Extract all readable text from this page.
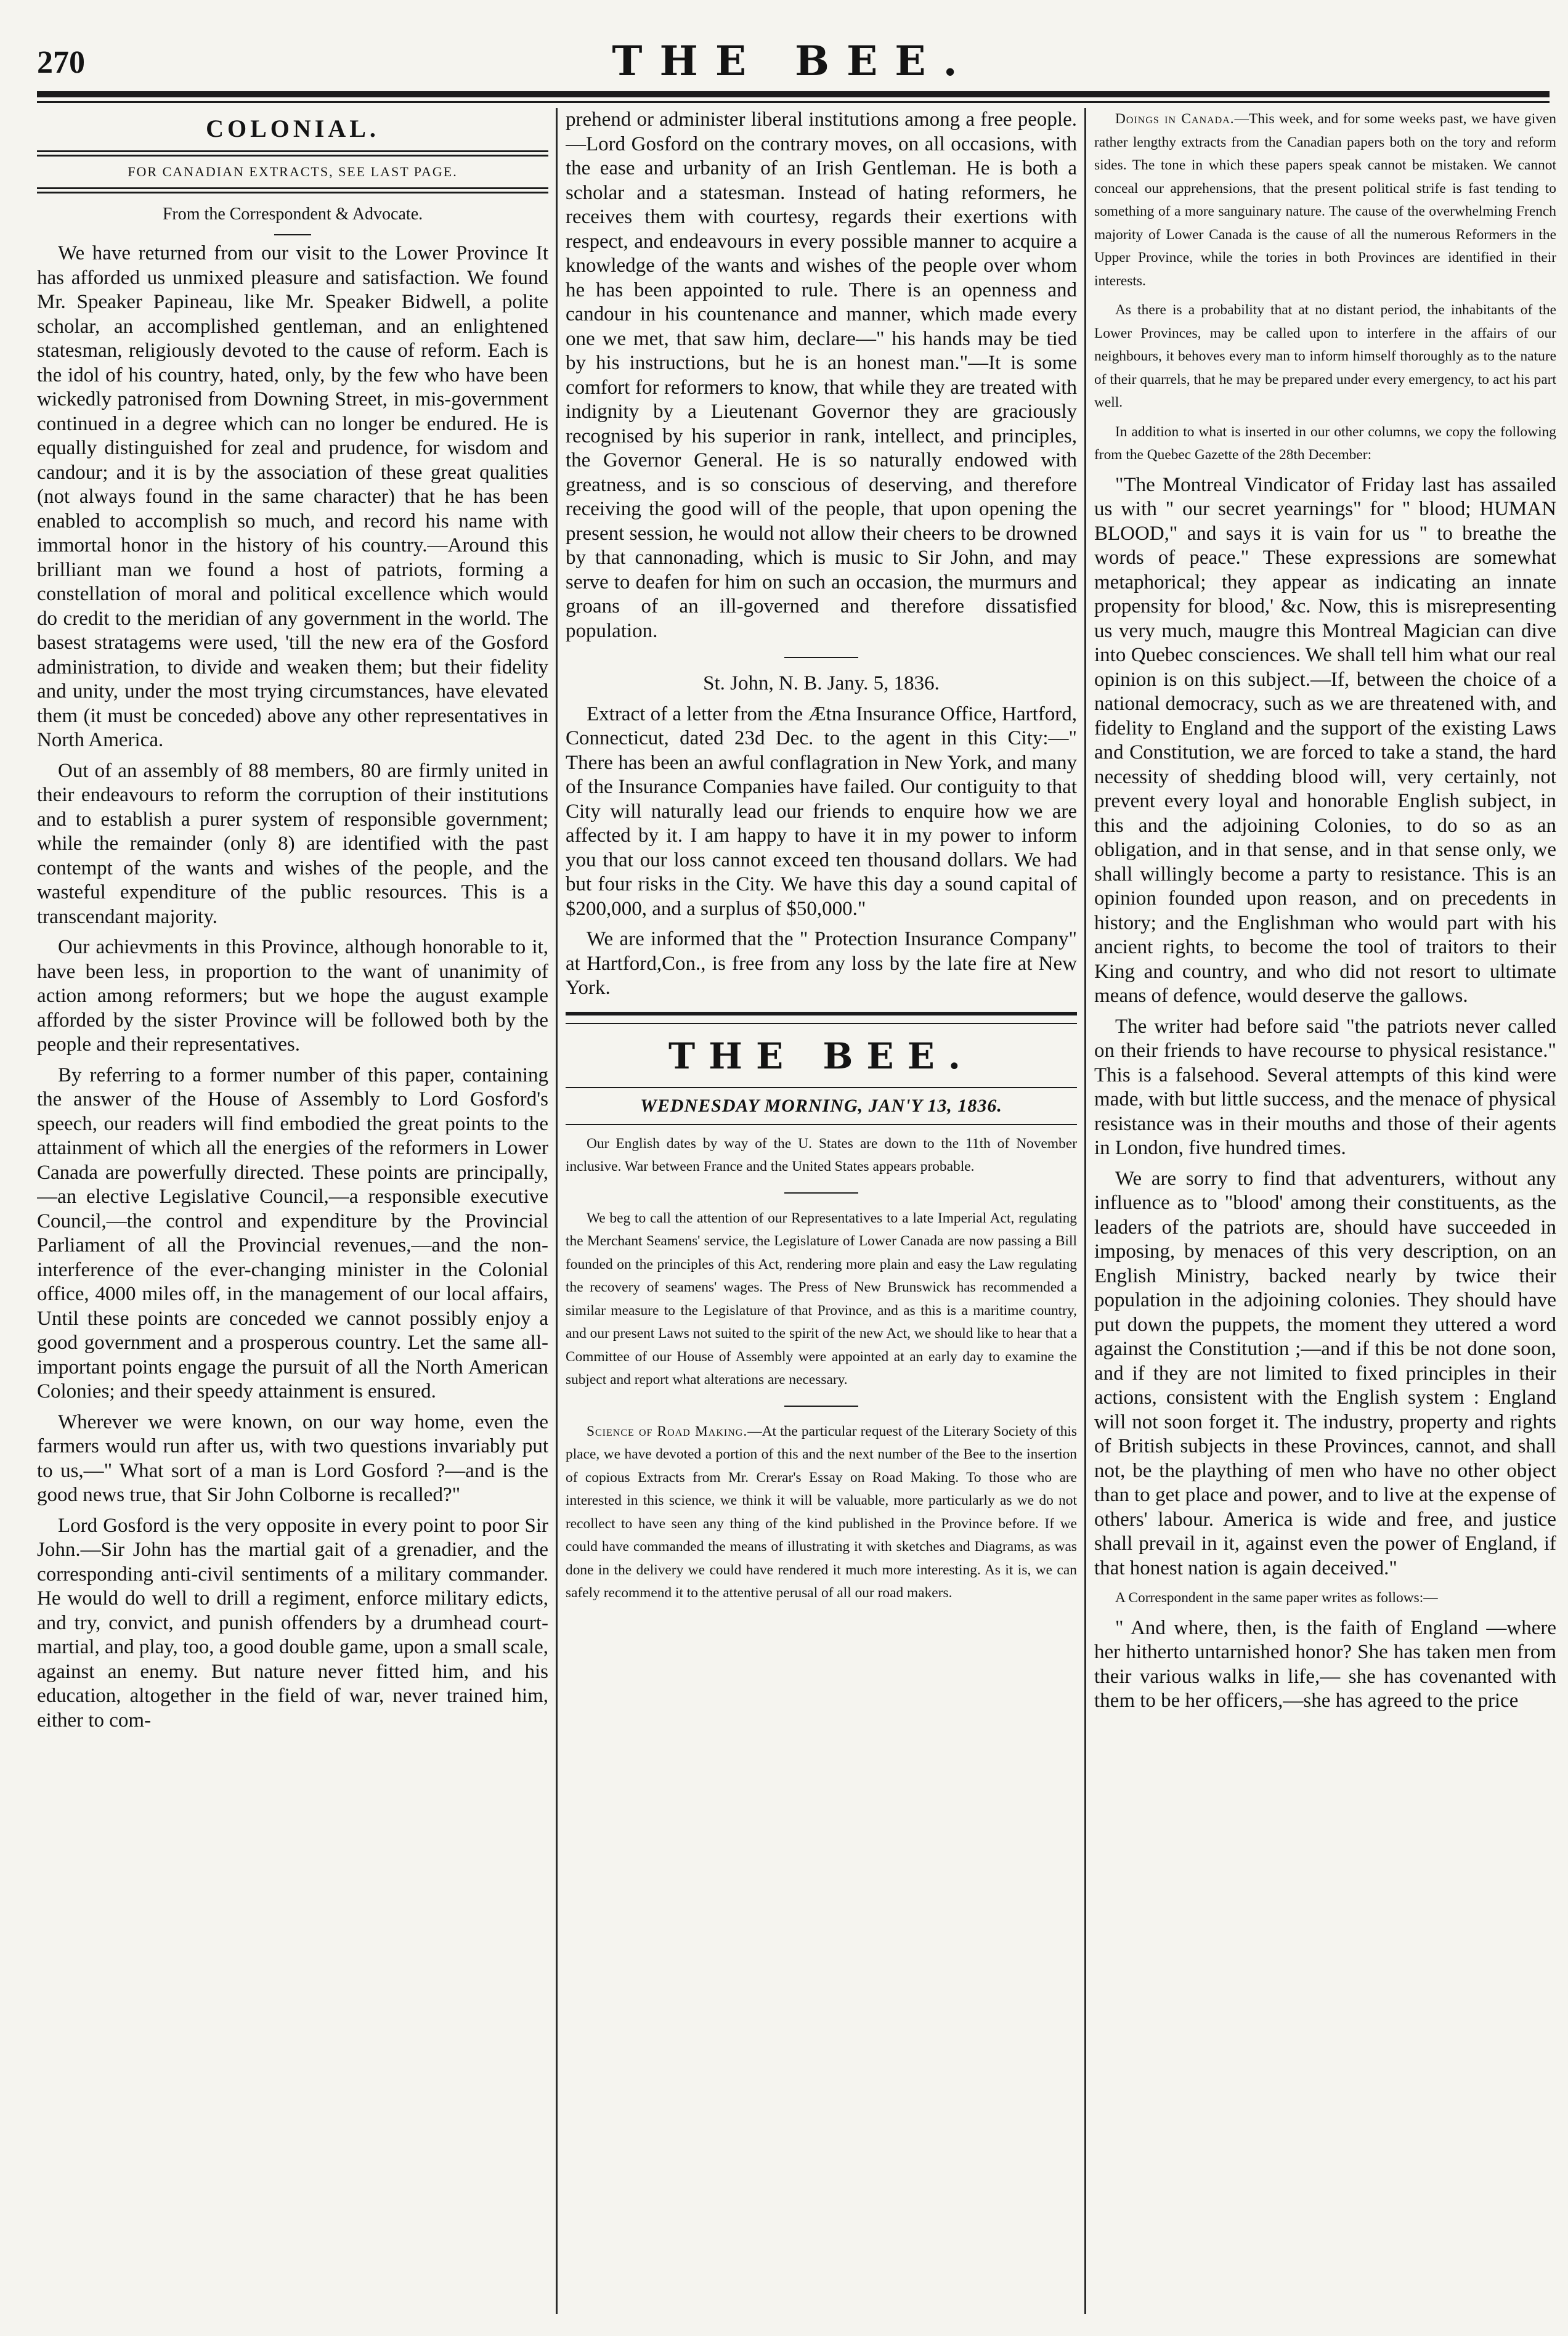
270	THE BEE.
COLONIAL.
FOR CANADIAN EXTRACTS, SEE LAST PAGE.
From the Correspondent & Advocate.

We have returned from our visit to the Lower Province It has afforded us unmixed pleasure and satisfaction. We found Mr. Speaker Papineau, like Mr. Speaker Bidwell, a polite scholar, an accomplished gentleman, and an enlightened statesman, religiously devoted to the cause of reform. Each is the idol of his country, hated, only, by the few who have been wickedly patronised from Downing Street, in mis-government continued in a degree which can no longer be endured. He is equally distinguished for zeal and prudence, for wisdom and candour; and it is by the association of these great qualities (not always found in the same character) that he has been enabled to accomplish so much, and record his name with immortal honor in the history of his country.—Around this brilliant man we found a host of patriots, forming a constellation of moral and political excellence which would do credit to the meridian of any government in the world. The basest stratagems were used, 'till the new era of the Gosford administration, to divide and weaken them; but their fidelity and unity, under the most trying circumstances, have elevated them (it must be conceded) above any other representatives in North America.

Out of an assembly of 88 members, 80 are firmly united in their endeavours to reform the corruption of their institutions and to establish a purer system of responsible government; while the remainder (only 8) are identified with the past contempt of the wants and wishes of the people, and the wasteful expenditure of the public resources. This is a transcendant majority.

Our achievments in this Province, although honorable to it, have been less, in proportion to the want of unanimity of action among reformers; but we hope the august example afforded by the sister Province will be followed both by the people and their representatives.

By referring to a former number of this paper, containing the answer of the House of Assembly to Lord Gosford's speech, our readers will find embodied the great points to the attainment of which all the energies of the reformers in Lower Canada are powerfully directed. These points are principally,—an elective Legislative Council,—a responsible executive Council,—the control and expenditure by the Provincial Parliament of all the Provincial revenues,—and the non-interference of the ever-changing minister in the Colonial office, 4000 miles off, in the management of our local affairs, Until these points are conceded we cannot possibly enjoy a good government and a prosperous country. Let the same all-important points engage the pursuit of all the North American Colonies; and their speedy attainment is ensured.

Wherever we were known, on our way home, even the farmers would run after us, with two questions invariably put to us,—" What sort of a man is Lord Gosford ?—and is the good news true, that Sir John Colborne is recalled?"

Lord Gosford is the very opposite in every point to poor Sir John.—Sir John has the martial gait of a grenadier, and the corresponding anti-civil sentiments of a military commander. He would do well to drill a regiment, enforce military edicts, and try, convict, and punish offenders by a drumhead court-martial, and play, too, a good double game, upon a small scale, against an enemy. But nature never fitted him, and his education, altogether in the field of war, never trained him, either to com-

prehend or administer liberal institutions among a free people.—Lord Gosford on the contrary moves, on all occasions, with the ease and urbanity of an Irish Gentleman. He is both a scholar and a statesman. Instead of hating reformers, he receives them with courtesy, regards their exertions with respect, and endeavours in every possible manner to acquire a knowledge of the wants and wishes of the people over whom he has been appointed to rule. There is an openness and candour in his countenance and manner, which made every one we met, that saw him, declare—" his hands may be tied by his instructions, but he is an honest man."—It is some comfort for reformers to know, that while they are treated with indignity by a Lieutenant Governor they are graciously recognised by his superior in rank, intellect, and principles, the Governor General. He is so naturally endowed with greatness, and is so conscious of deserving, and therefore receiving the good will of the people, that upon opening the present session, he would not allow their cheers to be drowned by that cannonading, which is music to Sir John, and may serve to deafen for him on such an occasion, the murmurs and groans of an ill-governed and therefore dissatisfied population.

St. John, N. B. Jany. 5, 1836.

Extract of a letter from the Ætna Insurance Office, Hartford, Connecticut, dated 23d Dec. to the agent in this City:—" There has been an awful conflagration in New York, and many of the Insurance Companies have failed. Our contiguity to that City will naturally lead our friends to enquire how we are affected by it. I am happy to have it in my power to inform you that our loss cannot exceed ten thousand dollars. We had but four risks in the City. We have this day a sound capital of $200,000, and a surplus of $50,000."

We are informed that the " Protection Insurance Company" at Hartford,Con., is free from any loss by the late fire at New York.

THE BEE.
WEDNESDAY MORNING, JAN'Y 13, 1836.

Our English dates by way of the U. States are down to the 11th of November inclusive. War between France and the United States appears probable.

We beg to call the attention of our Representatives to a late Imperial Act, regulating the Merchant Seamens' service, the Legislature of Lower Canada are now passing a Bill founded on the principles of this Act, rendering more plain and easy the Law regulating the recovery of seamens' wages. The Press of New Brunswick has recommended a similar measure to the Legislature of that Province, and as this is a maritime country, and our present Laws not suited to the spirit of the new Act, we should like to hear that a Committee of our House of Assembly were appointed at an early day to examine the subject and report what alterations are necessary.

Science of Road Making.—At the particular request of the Literary Society of this place, we have devoted a portion of this and the next number of the Bee to the insertion of copious Extracts from Mr. Crerar's Essay on Road Making. To those who are interested in this science, we think it will be valuable, more particularly as we do not recollect to have seen any thing of the kind published in the Province before. If we could have commanded the means of illustrating it with sketches and Diagrams, as was done in the delivery we could have rendered it much more interesting. As it is, we can safely recommend it to the attentive perusal of all our road makers.

Doings in Canada.—This week, and for some weeks past, we have given rather lengthy extracts from the Canadian papers both on the tory and reform sides. The tone in which these papers speak cannot be mistaken. We cannot conceal our apprehensions, that the present political strife is fast tending to something of a more sanguinary nature. The cause of the overwhelming French majority of Lower Canada is the cause of all the numerous Reformers in the Upper Province, while the tories in both Provinces are identified in their interests.

As there is a probability that at no distant period, the inhabitants of the Lower Provinces, may be called upon to interfere in the affairs of our neighbours, it behoves every man to inform himself thoroughly as to the nature of their quarrels, that he may be prepared under every emergency, to act his part well.

In addition to what is inserted in our other columns, we copy the following from the Quebec Gazette of the 28th December:

"The Montreal Vindicator of Friday last has assailed us with " our secret yearnings" for " blood; HUMAN BLOOD," and says it is vain for us " to breathe the words of peace." These expressions are somewhat metaphorical; they appear as indicating an innate propensity for blood,' &c. Now, this is misrepresenting us very much, maugre this Montreal Magician can dive into Quebec consciences. We shall tell him what our real opinion is on this subject.—If, between the choice of a national democracy, such as we are threatened with, and fidelity to England and the support of the existing Laws and Constitution, we are forced to take a stand, the hard necessity of shedding blood will, very certainly, not prevent every loyal and honorable English subject, in this and the adjoining Colonies, to do so as an obligation, and in that sense, and in that sense only, we shall willingly become a party to resistance. This is an opinion founded upon reason, and on precedents in history; and the Englishman who would part with his ancient rights, to become the tool of traitors to their King and country, and who did not resort to ultimate means of defence, would deserve the gallows.

The writer had before said "the patriots never called on their friends to have recourse to physical resistance." This is a falsehood. Several attempts of this kind were made, with but little success, and the menace of physical resistance was in their mouths and those of their agents in London, five hundred times.

We are sorry to find that adventurers, without any influence as to "blood' among their constituents, as the leaders of the patriots are, should have succeeded in imposing, by menaces of this very description, on an English Ministry, backed nearly by twice their population in the adjoining colonies. They should have put down the puppets, the moment they uttered a word against the Constitution ;—and if this be not done soon, and if they are not limited to fixed principles in their actions, consistent with the English system : England will not soon forget it. The industry, property and rights of British subjects in these Provinces, cannot, and shall not, be the plaything of men who have no other object than to get place and power, and to live at the expense of others' labour. America is wide and free, and justice shall prevail in it, against even the power of England, if that honest nation is again deceived."

A Correspondent in the same paper writes as follows:—

" And where, then, is the faith of England —where her hitherto untarnished honor? She has taken men from their various walks in life,— she has covenanted with them to be her officers,—she has agreed to the price
